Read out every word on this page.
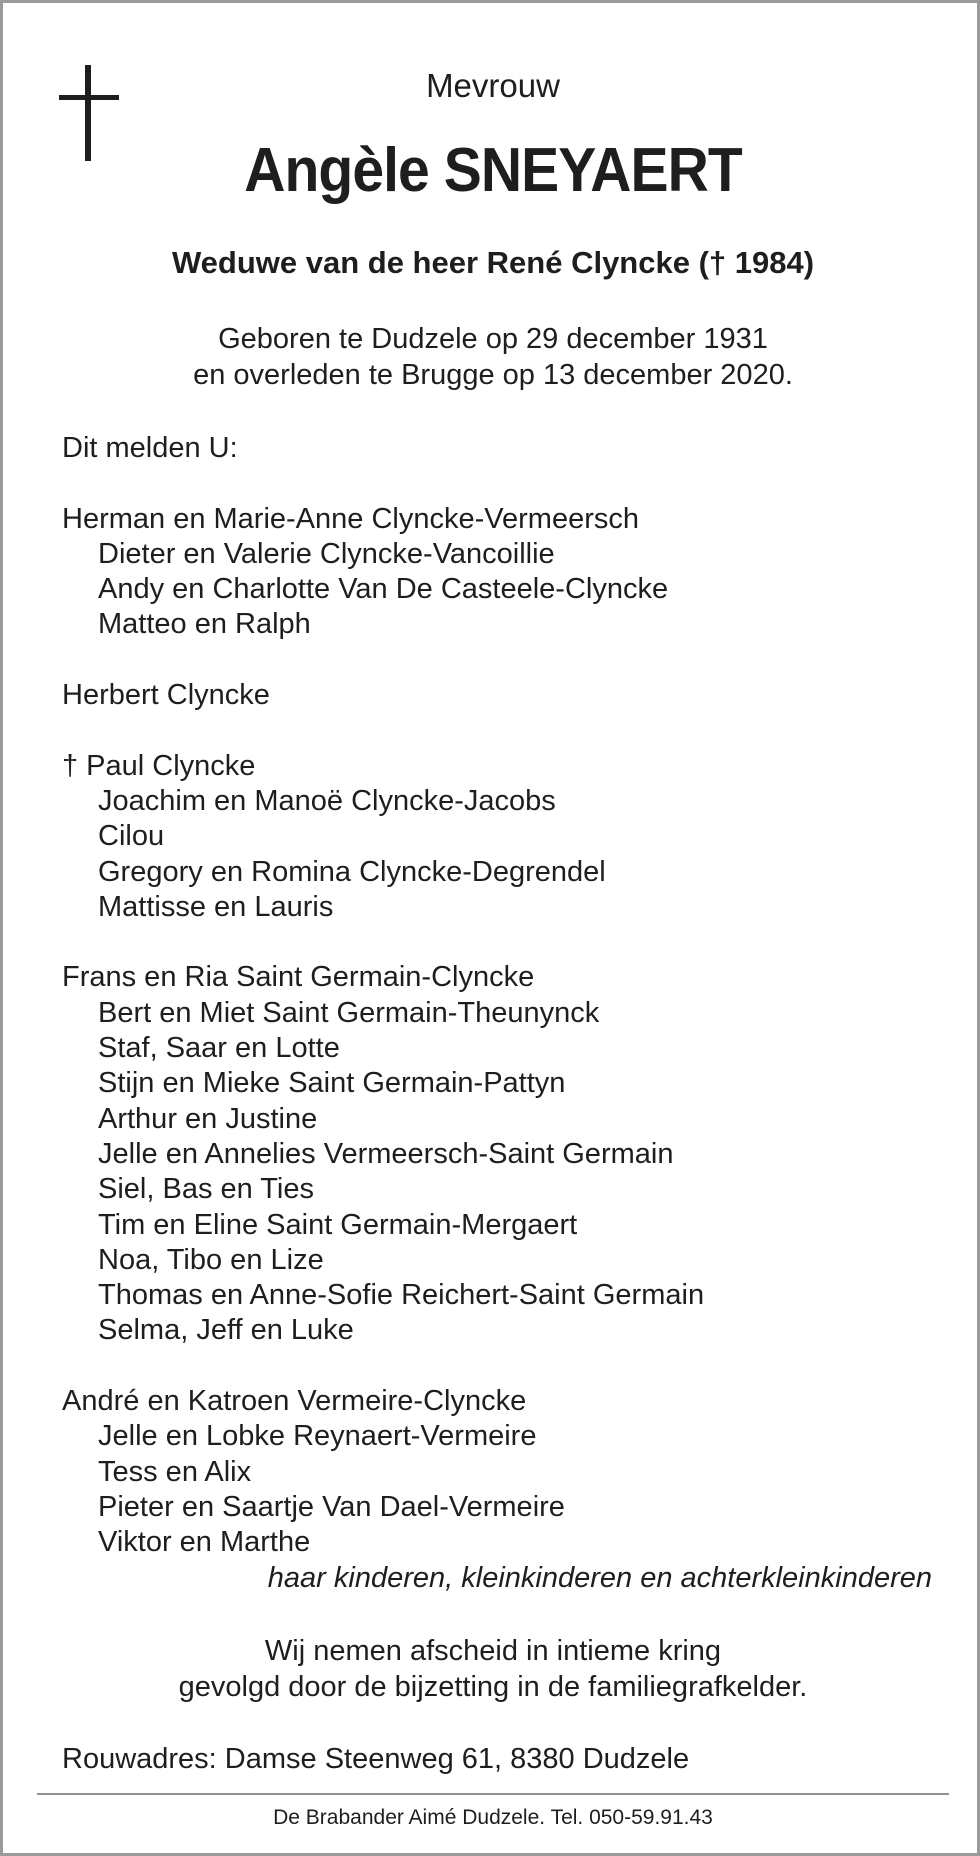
Mevrouw

Angèle SNEYAERT

Weduwe van de heer René Clyncke († 1984)

Geboren te Dudzele op 29 december 1931
en overleden te Brugge op 13 december 2020.
Dit melden U:
Herman en Marie-Anne Clyncke-Vermeersch
Dieter en Valerie Clyncke-Vancoillie
Andy en Charlotte Van De Casteele-Clyncke
Matteo en Ralph
Herbert Clyncke
† Paul Clyncke
Joachim en Manoë Clyncke-Jacobs
Cilou
Gregory en Romina Clyncke-Degrendel
Mattisse en Lauris
Frans en Ria Saint Germain-Clyncke
Bert en Miet Saint Germain-Theunynck
Staf, Saar en Lotte
Stijn en Mieke Saint Germain-Pattyn
Arthur en Justine
Jelle en Annelies Vermeersch-Saint Germain
Siel, Bas en Ties
Tim en Eline Saint Germain-Mergaert
Noa, Tibo en Lize
Thomas en Anne-Sofie Reichert-Saint Germain
Selma, Jeff en Luke
André en Katroen Vermeire-Clyncke
Jelle en Lobke Reynaert-Vermeire
Tess en Alix
Pieter en Saartje Van Dael-Vermeire
Viktor en Marthe
haar kinderen, kleinkinderen en achterkleinkinderen
Wij nemen afscheid in intieme kring
gevolgd door de bijzetting in de familiegrafkelder.
Rouwadres: Damse Steenweg 61, 8380 Dudzele

De Brabander Aimé Dudzele. Tel. 050-59.91.43
